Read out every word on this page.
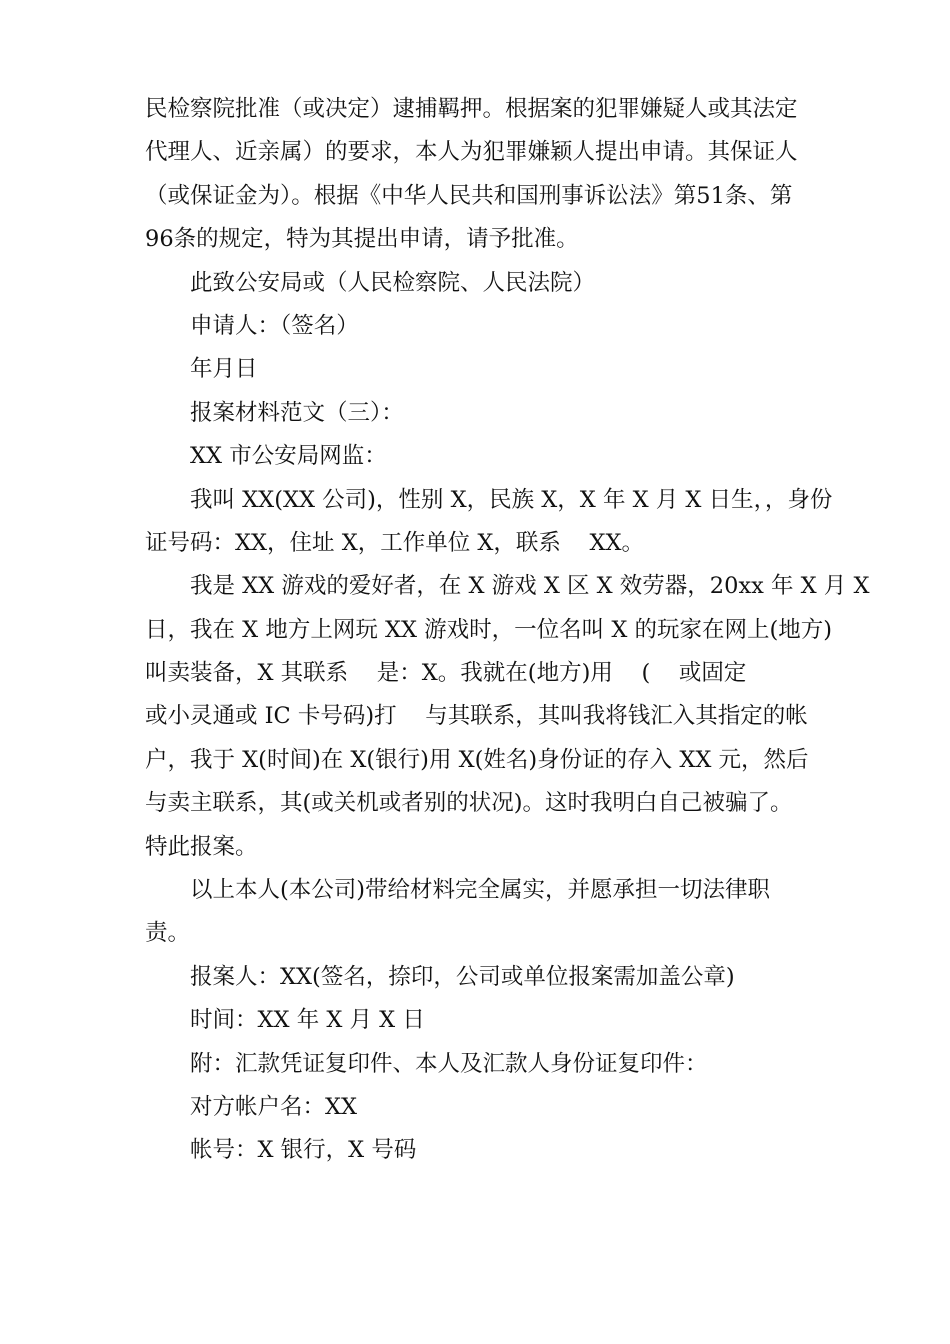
民检察院批准（或决定）逮捕羁押。根据案的犯罪嫌疑人或其法定
代理人、近亲属）的要求，本人为犯罪嫌颖人提出申请。其保证人
（或保证金为）。根据《中华人民共和国刑事诉讼法》第51条、第
96条的规定，特为其提出申请，请予批准。
此致公安局或（人民检察院、人民法院）
申请人：（签名）
年月日
报案材料范文（三）：
XX 市公安局网监：
我叫 XX(XX 公司)，性别 X，民族 X，X 年 X 月 X 日生，，身份
证号码：XX，住址 X，工作单位 X，联系    XX。
我是 XX 游戏的爱好者，在 X 游戏 X 区 X 效劳器，20xx 年 X 月 X
日，我在 X 地方上网玩 XX 游戏时，一位名叫 X 的玩家在网上(地方)
叫卖装备，X 其联系    是：X。我就在(地方)用    (    或固定
或小灵通或 IC 卡号码)打    与其联系，其叫我将钱汇入其指定的帐
户，我于 X(时间)在 X(银行)用 X(姓名)身份证的存入 XX 元，然后
与卖主联系，其(或关机或者别的状况)。这时我明白自己被骗了。
特此报案。
以上本人(本公司)带给材料完全属实，并愿承担一切法律职
责。
报案人：XX(签名，捺印，公司或单位报案需加盖公章)
时间：XX 年 X 月 X 日
附：汇款凭证复印件、本人及汇款人身份证复印件：
对方帐户名：XX
帐号：X 银行，X 号码
